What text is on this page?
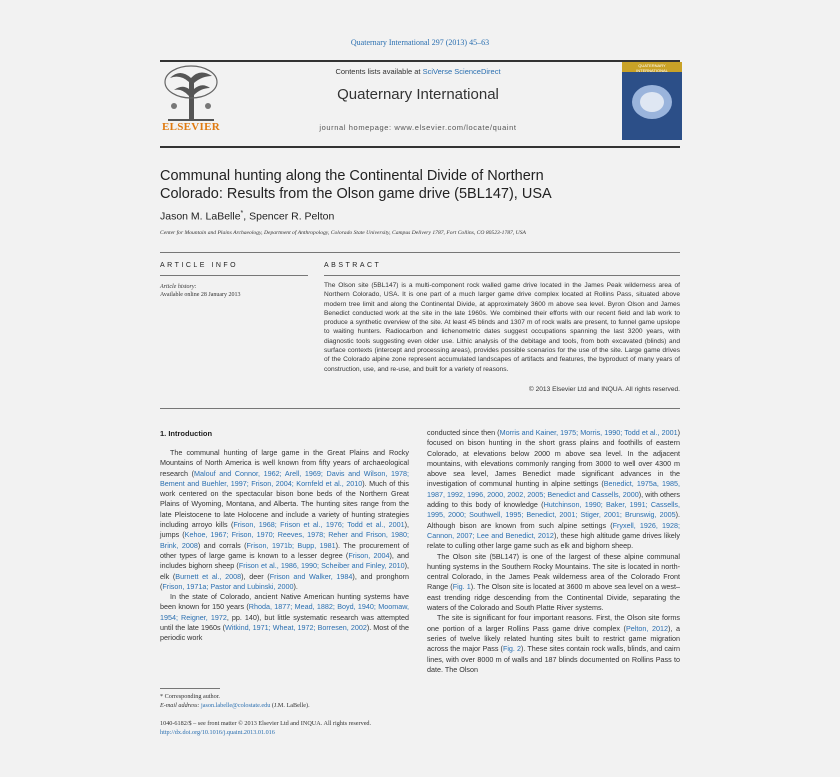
Quaternary International 297 (2013) 45–63
ELSEVIER
Contents lists available at SciVerse ScienceDirect
Quaternary International
journal homepage: www.elsevier.com/locate/quaint
QUATERNARY INTERNATIONAL
Communal hunting along the Continental Divide of Northern
Colorado: Results from the Olson game drive (5BL147), USA
Jason M. LaBelle*, Spencer R. Pelton
Center for Mountain and Plains Archaeology, Department of Anthropology, Colorado State University, Campus Delivery 1787, Fort Collins, CO 80523-1787, USA
ARTICLE INFO
Article history:
Available online 28 January 2013
ABSTRACT
The Olson site (5BL147) is a multi-component rock walled game drive located in the James Peak wilderness area of Northern Colorado, USA. It is one part of a much larger game drive complex located at Rollins Pass, situated above modern tree limit and along the Continental Divide, at approximately 3600 m above sea level. Byron Olson and James Benedict conducted work at the site in the late 1960s. We combined their efforts with our recent field and lab work to produce a synthetic overview of the site. At least 45 blinds and 1307 m of rock walls are present, to funnel game upslope to waiting hunters. Radiocarbon and lichenometric dates suggest occupations spanning the last 3200 years, with diagnostic tools suggesting even older use. Lithic analysis of the debitage and tools, from both excavated (blinds) and surface contexts (intercept and processing areas), provides possible scenarios for the use of the site. Large game drives of the Colorado alpine zone represent accumulated landscapes of artifacts and features, the byproduct of many years of construction, use, and re-use, and built for a variety of reasons.
© 2013 Elsevier Ltd and INQUA. All rights reserved.
1. Introduction

The communal hunting of large game in the Great Plains and Rocky Mountains of North America is well known from fifty years of archaeological research (Malouf and Connor, 1962; Arell, 1969; Davis and Wilson, 1978; Bement and Buehler, 1997; Frison, 2004; Kornfeld et al., 2010). Much of this work centered on the spectacular bison bone beds of the Northern Great Plains of Wyoming, Montana, and Alberta. The hunting sites range from the late Pleistocene to late Holocene and include a variety of hunting strategies including arroyo kills (Frison, 1968; Frison et al., 1976; Todd et al., 2001), jumps (Kehoe, 1967; Frison, 1970; Reeves, 1978; Reher and Frison, 1980; Brink, 2008) and corrals (Frison, 1971b; Bupp, 1981). The procurement of other types of large game is known to a lesser degree (Frison, 2004), and includes bighorn sheep (Frison et al., 1986, 1990; Scheiber and Finley, 2010), elk (Burnett et al., 2008), deer (Frison and Walker, 1984), and pronghorn (Frison, 1971a; Pastor and Lubinski, 2000).

In the state of Colorado, ancient Native American hunting systems have been known for 150 years (Rhoda, 1877; Mead, 1882; Boyd, 1940; Moomaw, 1954; Reigner, 1972, pp. 140), but little systematic research was attempted until the late 1960s (Witkind, 1971; Wheat, 1972; Borresen, 2002). Most of the periodic work

conducted since then (Morris and Kainer, 1975; Morris, 1990; Todd et al., 2001) focused on bison hunting in the short grass plains and foothills of eastern Colorado, at elevations below 2000 m above sea level. In the adjacent mountains, with elevations commonly ranging from 3000 to well over 4300 m above sea level, James Benedict made significant advances in the investigation of communal hunting in alpine settings (Benedict, 1975a, 1985, 1987, 1992, 1996, 2000, 2002, 2005; Benedict and Cassells, 2000), with others adding to this body of knowledge (Hutchinson, 1990; Baker, 1991; Cassells, 1995, 2000; Southwell, 1995; Benedict, 2001; Stiger, 2001; Brunswig, 2005). Although bison are known from such alpine settings (Fryxell, 1926, 1928; Cannon, 2007; Lee and Benedict, 2012), these high altitude game drives likely relate to culling other large game such as elk and bighorn sheep.

The Olson site (5BL147) is one of the largest of these alpine communal hunting systems in the Southern Rocky Mountains. The site is located in north-central Colorado, in the James Peak wilderness area of the Colorado Front Range (Fig. 1). The Olson site is located at 3600 m above sea level on a west–east trending ridge descending from the Continental Divide, separating the waters of the Colorado and South Platte River systems.

The site is significant for four important reasons. First, the Olson site forms one portion of a larger Rollins Pass game drive complex (Pelton, 2012), a series of twelve likely related hunting sites built to restrict game migration across the major Pass (Fig. 2). These sites contain rock walls, blinds, and cairn lines, with over 8000 m of walls and 187 blinds documented on Rollins Pass to date. The Olson

* Corresponding author.
E-mail address: jason.labelle@colostate.edu (J.M. LaBelle).
1040-6182/$ – see front matter © 2013 Elsevier Ltd and INQUA. All rights reserved.
http://dx.doi.org/10.1016/j.quaint.2013.01.016
